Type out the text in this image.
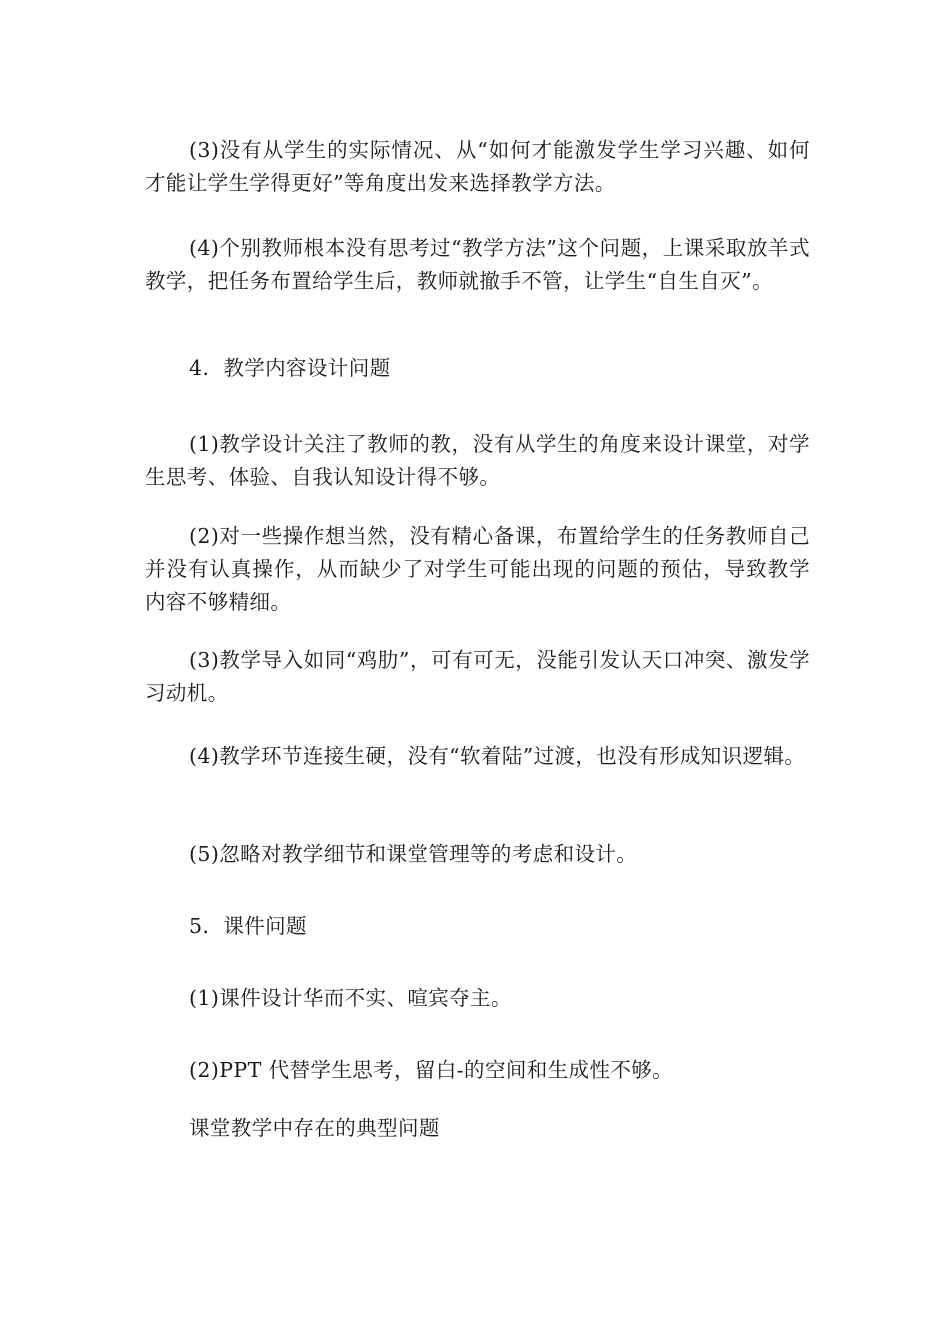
(3)没有从学生的实际情况、从“如何才能激发学生学习兴趣、如何才能让学生学得更好”等角度出发来选择教学方法。

(4)个别教师根本没有思考过“教学方法”这个问题，上课采取放羊式教学，把任务布置给学生后，教师就撤手不管，让学生“自生自灭”。

4．教学内容设计问题

(1)教学设计关注了教师的教，没有从学生的角度来设计课堂，对学生思考、体验、自我认知设计得不够。

(2)对一些操作想当然，没有精心备课，布置给学生的任务教师自己并没有认真操作，从而缺少了对学生可能出现的问题的预估，导致教学内容不够精细。

(3)教学导入如同“鸡肋”，可有可无，没能引发认天口冲突、激发学习动机。

(4)教学环节连接生硬，没有“软着陆”过渡，也没有形成知识逻辑。

(5)忽略对教学细节和课堂管理等的考虑和设计。

5．课件问题

(1)课件设计华而不实、喧宾夺主。

(2)PPT 代替学生思考，留白-的空间和生成性不够。

课堂教学中存在的典型问题
